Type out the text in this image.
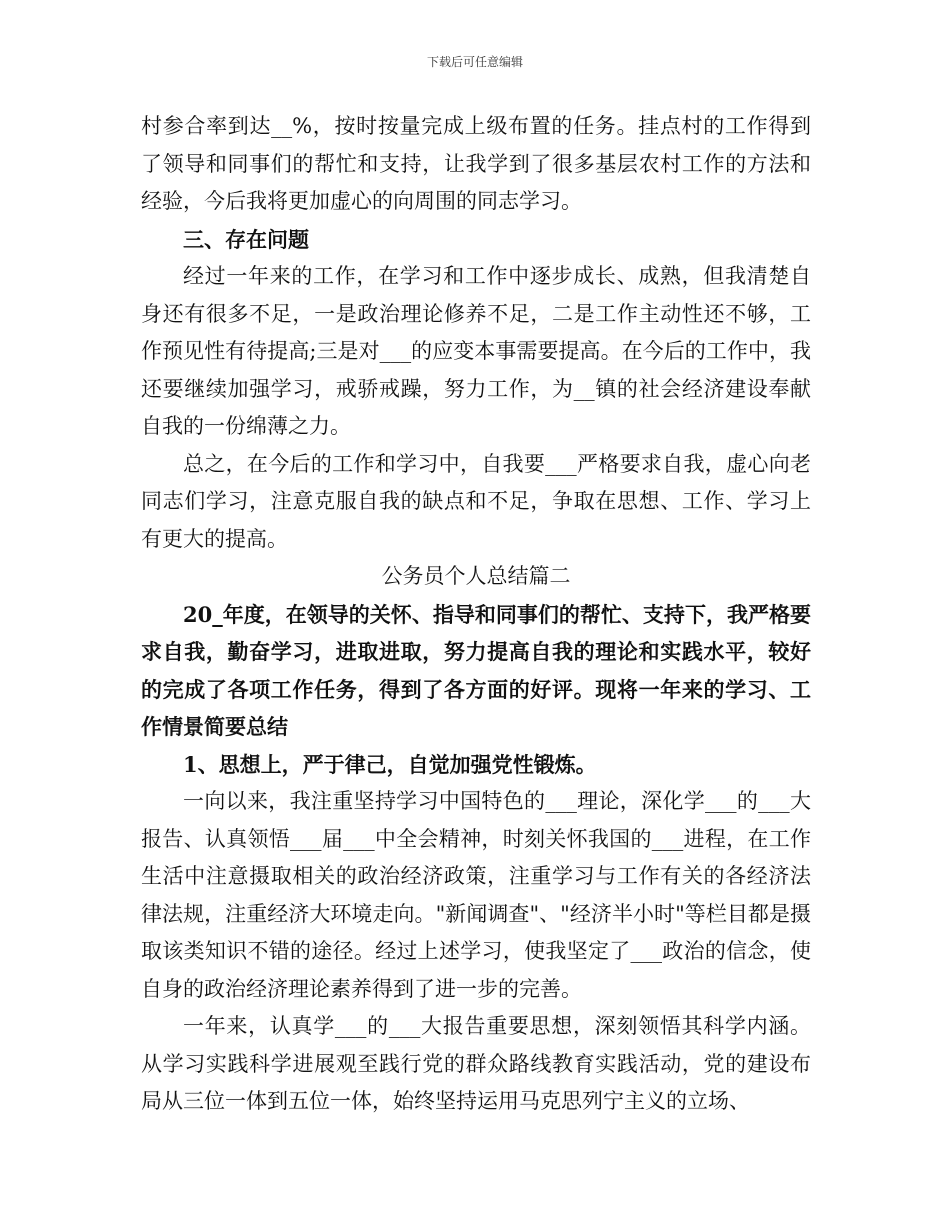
下载后可任意编辑

村参合率到达__%，按时按量完成上级布置的任务。挂点村的工作得到了领导和同事们的帮忙和支持，让我学到了很多基层农村工作的方法和经验，今后我将更加虚心的向周围的同志学习。

三、存在问题

经过一年来的工作，在学习和工作中逐步成长、成熟，但我清楚自身还有很多不足，一是政治理论修养不足，二是工作主动性还不够，工作预见性有待提高;三是对___的应变本事需要提高。在今后的工作中，我还要继续加强学习，戒骄戒躁，努力工作，为__镇的社会经济建设奉献自我的一份绵薄之力。

总之，在今后的工作和学习中，自我要___严格要求自我，虚心向老同志们学习，注意克服自我的缺点和不足，争取在思想、工作、学习上有更大的提高。

公务员个人总结篇二

20_年度，在领导的关怀、指导和同事们的帮忙、支持下，我严格要求自我，勤奋学习，进取进取，努力提高自我的理论和实践水平，较好的完成了各项工作任务，得到了各方面的好评。现将一年来的学习、工作情景简要总结

1、思想上，严于律己，自觉加强党性锻炼。

一向以来，我注重坚持学习中国特色的___理论，深化学___的___大报告、认真领悟___届___中全会精神，时刻关怀我国的___进程，在工作生活中注意摄取相关的政治经济政策，注重学习与工作有关的各经济法律法规，注重经济大环境走向。"新闻调查"、"经济半小时"等栏目都是摄取该类知识不错的途径。经过上述学习，使我坚定了___政治的信念，使自身的政治经济理论素养得到了进一步的完善。

一年来，认真学___的___大报告重要思想，深刻领悟其科学内涵。从学习实践科学进展观至践行党的群众路线教育实践活动，党的建设布局从三位一体到五位一体，始终坚持运用马克思列宁主义的立场、
